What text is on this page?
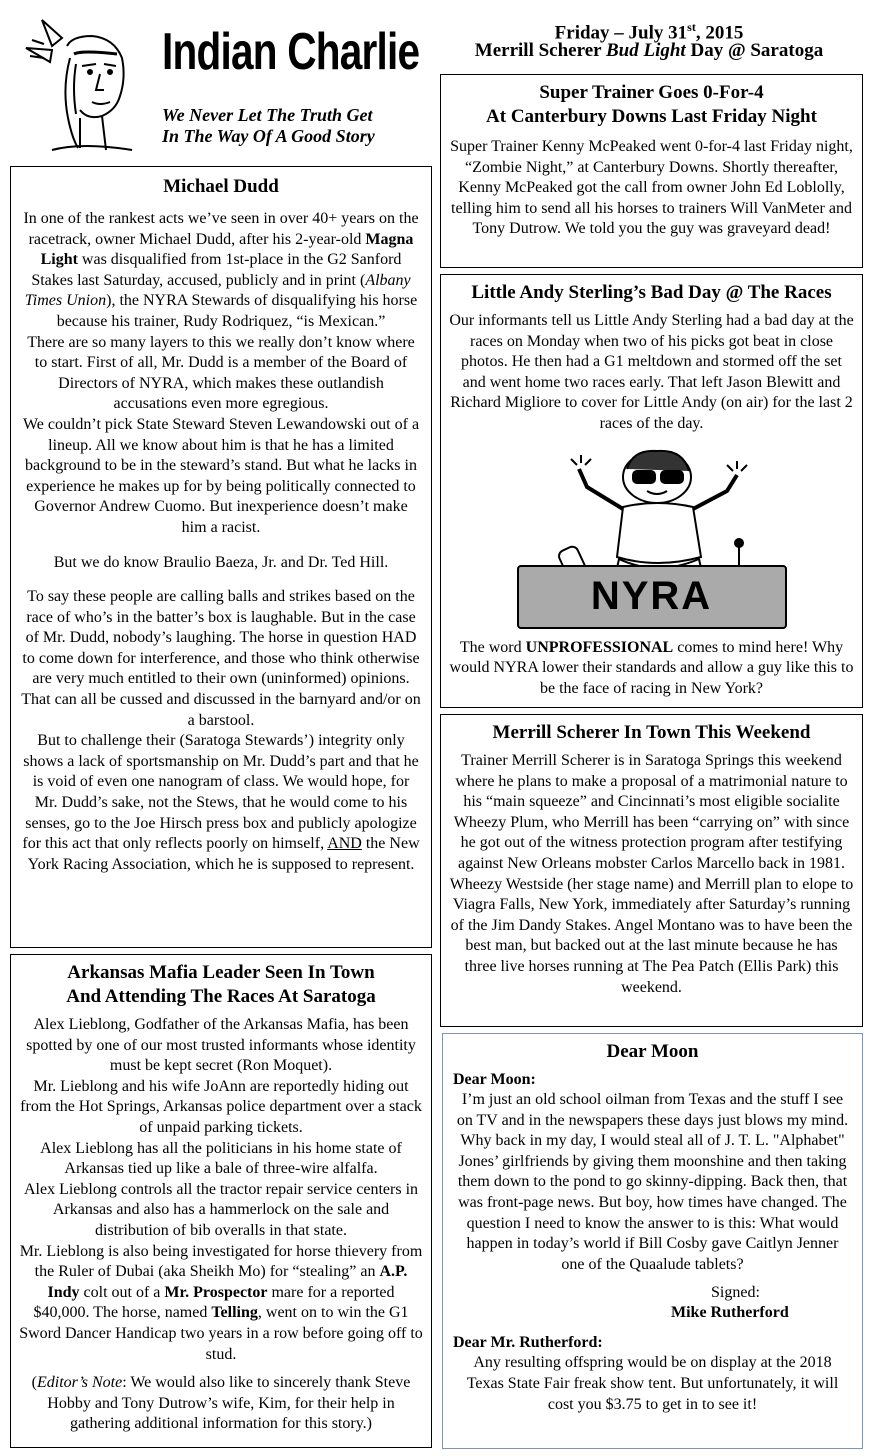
Indian Charlie
We Never Let The Truth Get
In The Way Of A Good Story
Friday – July 31st, 2015
Merrill Scherer Bud Light Day @ Saratoga
Michael Dudd

In one of the rankest acts we’ve seen in over 40+ years on the racetrack, owner Michael Dudd, after his 2-year-old Magna Light was disqualified from 1st-place in the G2 Sanford Stakes last Saturday, accused, publicly and in print (Albany Times Union), the NYRA Stewards of disqualifying his horse because his trainer, Rudy Rodriquez, “is Mexican.”

There are so many layers to this we really don’t know where to start. First of all, Mr. Dudd is a member of the Board of Directors of NYRA, which makes these outlandish accusations even more egregious.

We couldn’t pick State Steward Steven Lewandowski out of a lineup. All we know about him is that he has a limited background to be in the steward’s stand. But what he lacks in experience he makes up for by being politically connected to Governor Andrew Cuomo. But inexperience doesn’t make him a racist.

But we do know Braulio Baeza, Jr. and Dr. Ted Hill.

To say these people are calling balls and strikes based on the race of who’s in the batter’s box is laughable. But in the case of Mr. Dudd, nobody’s laughing. The horse in question HAD to come down for interference, and those who think otherwise are very much entitled to their own (uninformed) opinions. That can all be cussed and discussed in the barnyard and/or on a barstool.

But to challenge their (Saratoga Stewards’) integrity only shows a lack of sportsmanship on Mr. Dudd’s part and that he is void of even one nanogram of class. We would hope, for Mr. Dudd’s sake, not the Stews, that he would come to his senses, go to the Joe Hirsch press box and publicly apologize for this act that only reflects poorly on himself, AND the New York Racing Association, which he is supposed to represent.

Arkansas Mafia Leader Seen In Town
And Attending The Races At Saratoga

Alex Lieblong, Godfather of the Arkansas Mafia, has been spotted by one of our most trusted informants whose identity must be kept secret (Ron Moquet).

Mr. Lieblong and his wife JoAnn are reportedly hiding out from the Hot Springs, Arkansas police department over a stack of unpaid parking tickets.

Alex Lieblong has all the politicians in his home state of Arkansas tied up like a bale of three-wire alfalfa.

Alex Lieblong controls all the tractor repair service centers in Arkansas and also has a hammerlock on the sale and distribution of bib overalls in that state.

Mr. Lieblong is also being investigated for horse thievery from the Ruler of Dubai (aka Sheikh Mo) for “stealing” an A.P. Indy colt out of a Mr. Prospector mare for a reported $40,000. The horse, named Telling, went on to win the G1 Sword Dancer Handicap two years in a row before going off to stud.

(Editor’s Note: We would also like to sincerely thank Steve Hobby and Tony Dutrow’s wife, Kim, for their help in gathering additional information for this story.)

Super Trainer Goes 0-For-4
At Canterbury Downs Last Friday Night

Super Trainer Kenny McPeaked went 0-for-4 last Friday night, “Zombie Night,” at Canterbury Downs. Shortly thereafter, Kenny McPeaked got the call from owner John Ed Loblolly, telling him to send all his horses to trainers Will VanMeter and Tony Dutrow. We told you the guy was graveyard dead!

Little Andy Sterling’s Bad Day @ The Races

Our informants tell us Little Andy Sterling had a bad day at the races on Monday when two of his picks got beat in close photos. He then had a G1 meltdown and stormed off the set and went home two races early. That left Jason Blewitt and Richard Migliore to cover for Little Andy (on air) for the last 2 races of the day.

NYRA

The word UNPROFESSIONAL comes to mind here! Why would NYRA lower their standards and allow a guy like this to be the face of racing in New York?

Merrill Scherer In Town This Weekend

Trainer Merrill Scherer is in Saratoga Springs this weekend where he plans to make a proposal of a matrimonial nature to his “main squeeze” and Cincinnati’s most eligible socialite Wheezy Plum, who Merrill has been “carrying on” with since he got out of the witness protection program after testifying against New Orleans mobster Carlos Marcello back in 1981. Wheezy Westside (her stage name) and Merrill plan to elope to Viagra Falls, New York, immediately after Saturday’s running of the Jim Dandy Stakes. Angel Montano was to have been the best man, but backed out at the last minute because he has three live horses running at The Pea Patch (Ellis Park) this weekend.

Dear Moon

Dear Moon:

I’m just an old school oilman from Texas and the stuff I see on TV and in the newspapers these days just blows my mind. Why back in my day, I would steal all of J. T. L. "Alphabet" Jones’ girlfriends by giving them moonshine and then taking them down to the pond to go skinny-dipping. Back then, that was front-page news. But boy, how times have changed. The question I need to know the answer to is this: What would happen in today’s world if Bill Cosby gave Caitlyn Jenner one of the Quaalude tablets?

Signed:

Mike Rutherford

Dear Mr. Rutherford:

Any resulting offspring would be on display at the 2018 Texas State Fair freak show tent. But unfortunately, it will cost you $3.75 to get in to see it!
